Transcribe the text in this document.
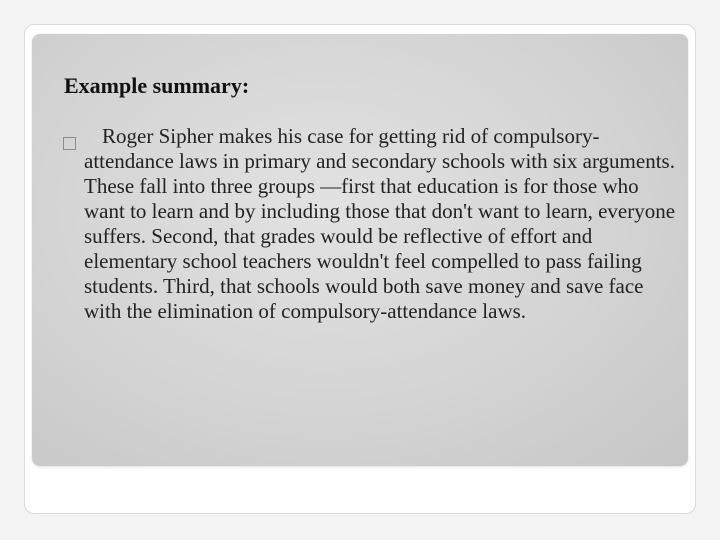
Example summary:

Roger Sipher makes his case for getting rid of compulsory-attendance laws in primary and secondary schools with six arguments. These fall into three groups —first that education is for those who want to learn and by including those that don't want to learn, everyone suffers. Second, that grades would be reflective of effort and elementary school teachers wouldn't feel compelled to pass failing students. Third, that schools would both save money and save face with the elimination of compulsory-attendance laws.
